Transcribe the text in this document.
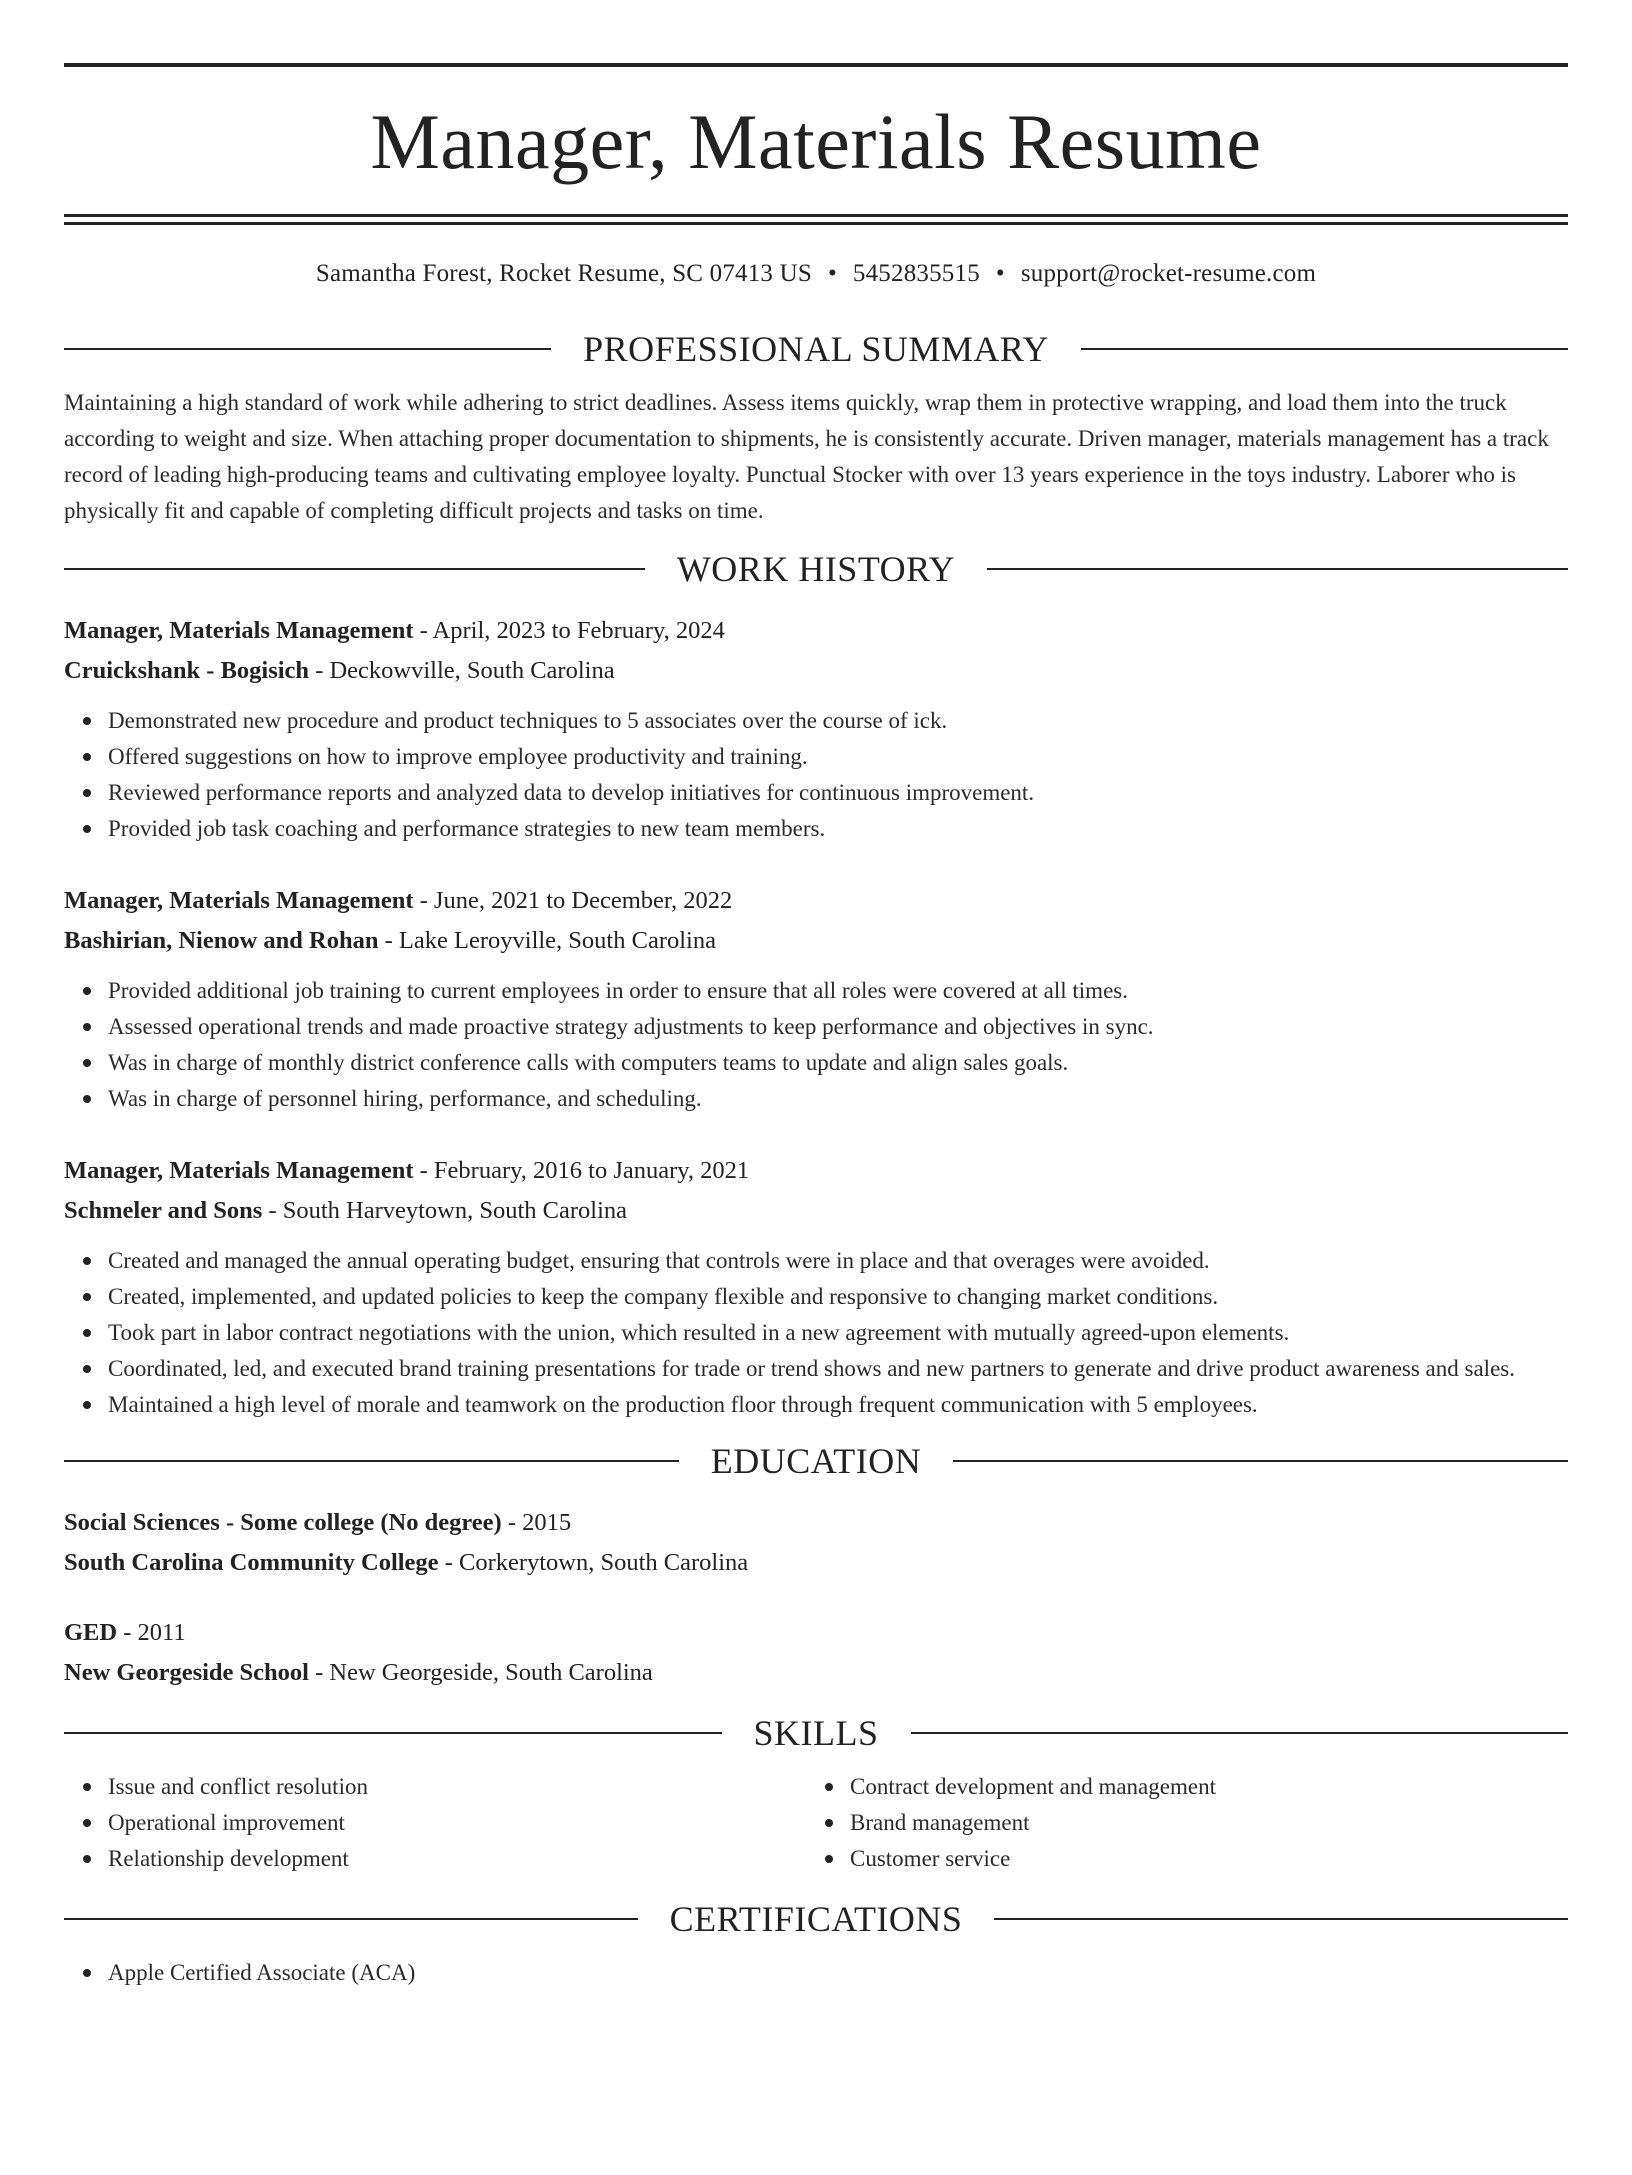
Manager, Materials Resume
Samantha Forest, Rocket Resume, SC 07413 US • 5452835515 • support@rocket-resume.com
PROFESSIONAL SUMMARY
Maintaining a high standard of work while adhering to strict deadlines. Assess items quickly, wrap them in protective wrapping, and load them into the truck according to weight and size. When attaching proper documentation to shipments, he is consistently accurate. Driven manager, materials management has a track record of leading high-producing teams and cultivating employee loyalty. Punctual Stocker with over 13 years experience in the toys industry. Laborer who is physically fit and capable of completing difficult projects and tasks on time.
WORK HISTORY
Manager, Materials Management - April, 2023 to February, 2024
Cruickshank - Bogisich - Deckowville, South Carolina
Demonstrated new procedure and product techniques to 5 associates over the course of ick.
Offered suggestions on how to improve employee productivity and training.
Reviewed performance reports and analyzed data to develop initiatives for continuous improvement.
Provided job task coaching and performance strategies to new team members.
Manager, Materials Management - June, 2021 to December, 2022
Bashirian, Nienow and Rohan - Lake Leroyville, South Carolina
Provided additional job training to current employees in order to ensure that all roles were covered at all times.
Assessed operational trends and made proactive strategy adjustments to keep performance and objectives in sync.
Was in charge of monthly district conference calls with computers teams to update and align sales goals.
Was in charge of personnel hiring, performance, and scheduling.
Manager, Materials Management - February, 2016 to January, 2021
Schmeler and Sons - South Harveytown, South Carolina
Created and managed the annual operating budget, ensuring that controls were in place and that overages were avoided.
Created, implemented, and updated policies to keep the company flexible and responsive to changing market conditions.
Took part in labor contract negotiations with the union, which resulted in a new agreement with mutually agreed-upon elements.
Coordinated, led, and executed brand training presentations for trade or trend shows and new partners to generate and drive product awareness and sales.
Maintained a high level of morale and teamwork on the production floor through frequent communication with 5 employees.
EDUCATION
Social Sciences - Some college (No degree) - 2015
South Carolina Community College - Corkerytown, South Carolina
GED - 2011
New Georgeside School - New Georgeside, South Carolina
SKILLS
Issue and conflict resolution
Operational improvement
Relationship development
Contract development and management
Brand management
Customer service
CERTIFICATIONS
Apple Certified Associate (ACA)
